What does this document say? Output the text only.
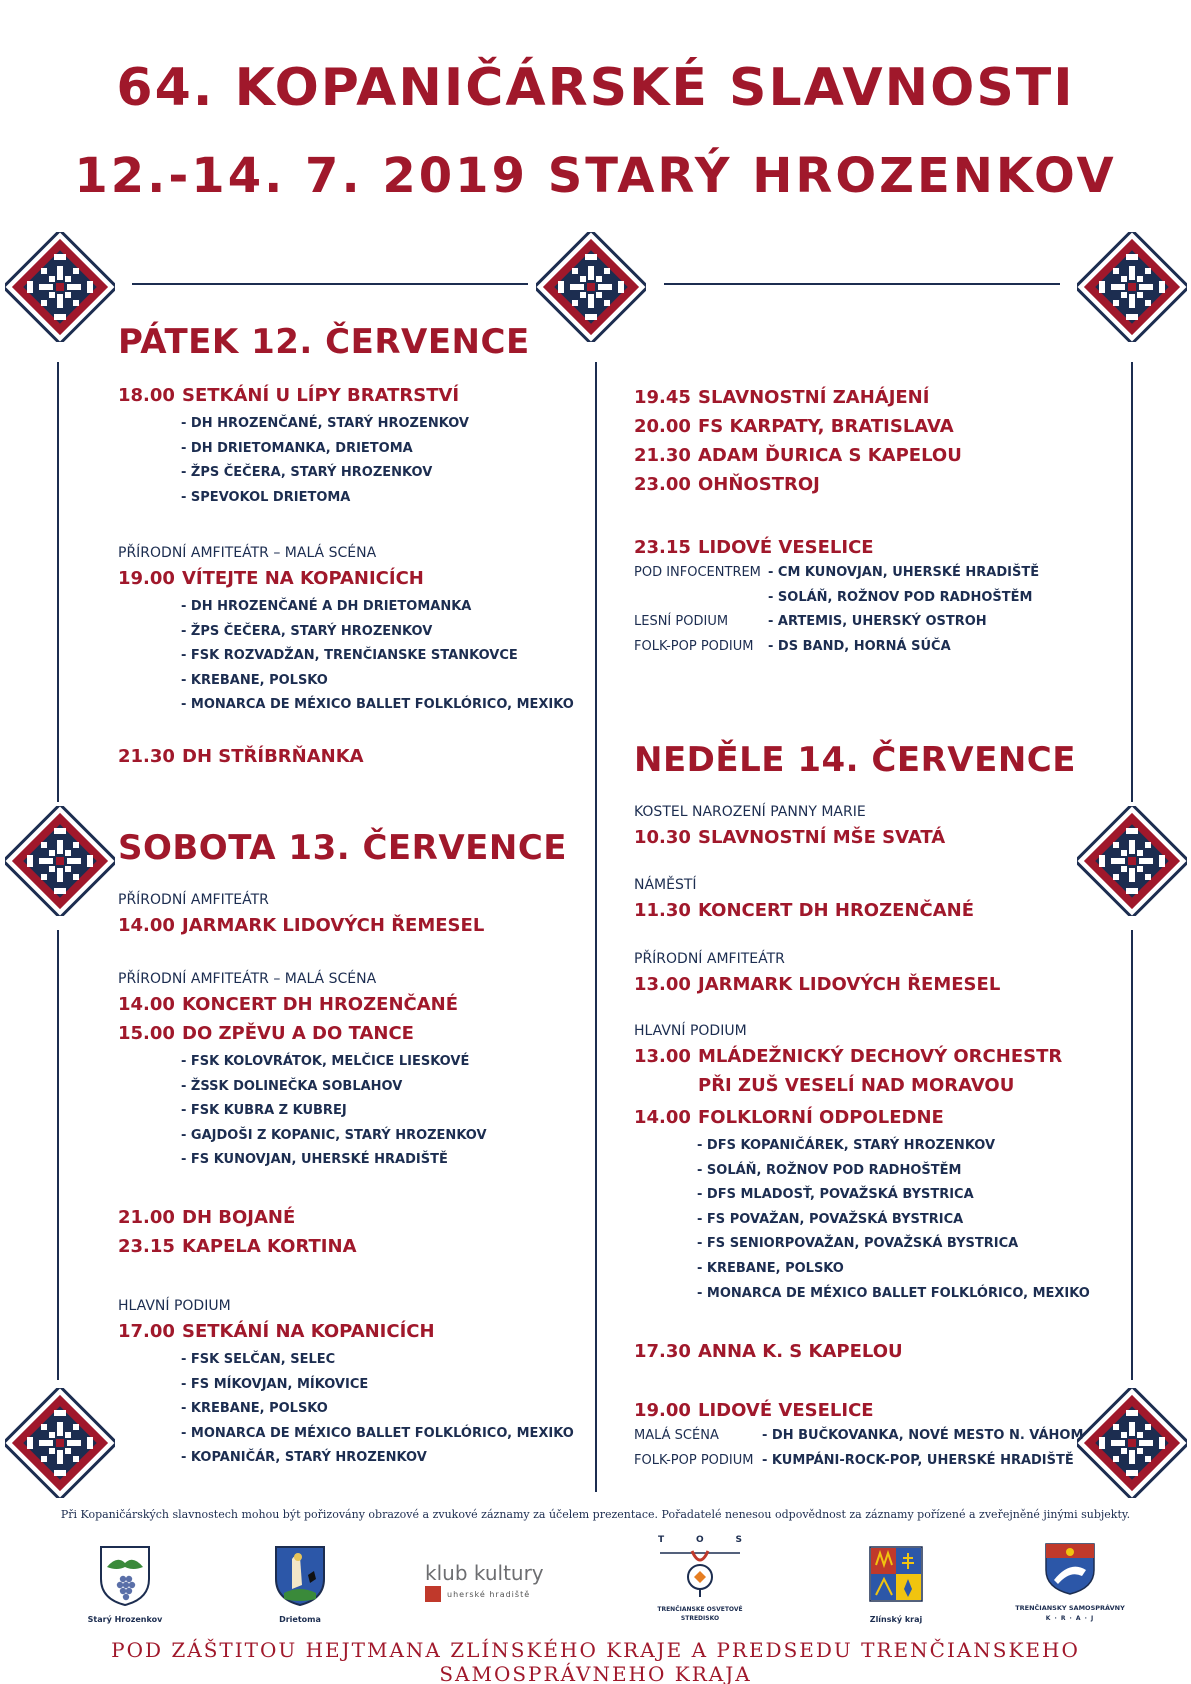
64. KOPANIČÁRSKÉ SLAVNOSTI
12.-14. 7. 2019 STARÝ HROZENKOV
PÁTEK 12. ČERVENCE
18.00 SETKÁNÍ U LÍPY BRATRSTVÍ
- DH HROZENČANÉ, STARÝ HROZENKOV
- DH DRIETOMANKA, DRIETOMA
- ŽPS ČEČERA, STARÝ HROZENKOV
- SPEVOKOL DRIETOMA
PŘÍRODNÍ AMFITEÁTR – MALÁ SCÉNA
19.00 VÍTEJTE NA KOPANICÍCH
- DH HROZENČANÉ A DH DRIETOMANKA
- ŽPS ČEČERA, STARÝ HROZENKOV
- FSK ROZVADŽAN, TRENČIANSKE STANKOVCE
- KREBANE, POLSKO
- MONARCA DE MÉXICO BALLET FOLKLÓRICO, MEXIKO
21.30 DH STŘÍBRŇANKA
19.45 SLAVNOSTNÍ ZAHÁJENÍ
20.00 FS KARPATY, BRATISLAVA
21.30 ADAM ĎURICA S KAPELOU
23.00 OHŇOSTROJ
23.15 LIDOVÉ VESELICE
POD INFOCENTREM - CM KUNOVJAN, UHERSKÉ HRADIŠTĚ
- SOLÁŇ, ROŽNOV POD RADHOŠTĚM
LESNÍ PODIUM	- ARTEMIS, UHERSKÝ OSTROH
FOLK-POP PODIUM	- DS BAND, HORNÁ SÚČA
SOBOTA 13. ČERVENCE
PŘÍRODNÍ AMFITEÁTR
14.00 JARMARK LIDOVÝCH ŘEMESEL
PŘÍRODNÍ AMFITEÁTR – MALÁ SCÉNA
14.00 KONCERT DH HROZENČANÉ
15.00 DO ZPĚVU A DO TANCE
- FSK KOLOVRÁTOK, MELČICE LIESKOVÉ
- ŽSSK DOLINEČKA SOBLAHOV
- FSK KUBRA Z KUBREJ
- GAJDOŠI Z KOPANIC, STARÝ HROZENKOV
- FS KUNOVJAN, UHERSKÉ HRADIŠTĚ
21.00 DH BOJANÉ
23.15 KAPELA KORTINA
HLAVNÍ PODIUM
17.00 SETKÁNÍ NA KOPANICÍCH
- FSK SELČAN, SELEC
- FS MÍKOVJAN, MÍKOVICE
- KREBANE, POLSKO
- MONARCA DE MÉXICO BALLET FOLKLÓRICO, MEXIKO
- KOPANIČÁR, STARÝ HROZENKOV
NEDĚLE 14. ČERVENCE
KOSTEL NAROZENÍ PANNY MARIE
10.30 SLAVNOSTNÍ MŠE SVATÁ
NÁMĚSTÍ
11.30 KONCERT DH HROZENČANÉ
PŘÍRODNÍ AMFITEÁTR
13.00 JARMARK LIDOVÝCH ŘEMESEL
HLAVNÍ PODIUM
13.00 MLÁDEŽNICKÝ DECHOVÝ ORCHESTR
PŘI ZUŠ VESELÍ NAD MORAVOU
14.00 FOLKLORNÍ ODPOLEDNE
- DFS KOPANIČÁREK, STARÝ HROZENKOV
- SOLÁŇ, ROŽNOV POD RADHOŠTĚM
- DFS MLADOSŤ, POVAŽSKÁ BYSTRICA
- FS POVAŽAN, POVAŽSKÁ BYSTRICA
- FS SENIORPOVAŽAN, POVAŽSKÁ BYSTRICA
- KREBANE, POLSKO
- MONARCA DE MÉXICO BALLET FOLKLÓRICO, MEXIKO
17.30 ANNA K. S KAPELOU
19.00 LIDOVÉ VESELICE
MALÁ SCÉNA	- DH BUČKOVANKA, NOVÉ MESTO N. VÁHOM
FOLK-POP PODIUM - KUMPÁNI-ROCK-POP, UHERSKÉ HRADIŠTĚ
Při Kopaničárských slavnostech mohou být pořizovány obrazové a zvukové záznamy za účelem prezentace. Pořadatelé nenesou odpovědnost za záznamy pořízené a zveřejněné jinými subjekty.
Starý Hrozenkov	Drietoma
klub kultury
uherské hradiště
T	O	S
TRENČIANSKE OSVETOVÉ STREDISKO	Zlínský kraj
TRENČIANSKY SAMOSPRÁVNY
K · R · A · J
POD ZÁŠTITOU HEJTMANA ZLÍNSKÉHO KRAJE A PREDSEDU TRENČIANSKEHO SAMOSPRÁVNEHO KRAJA
